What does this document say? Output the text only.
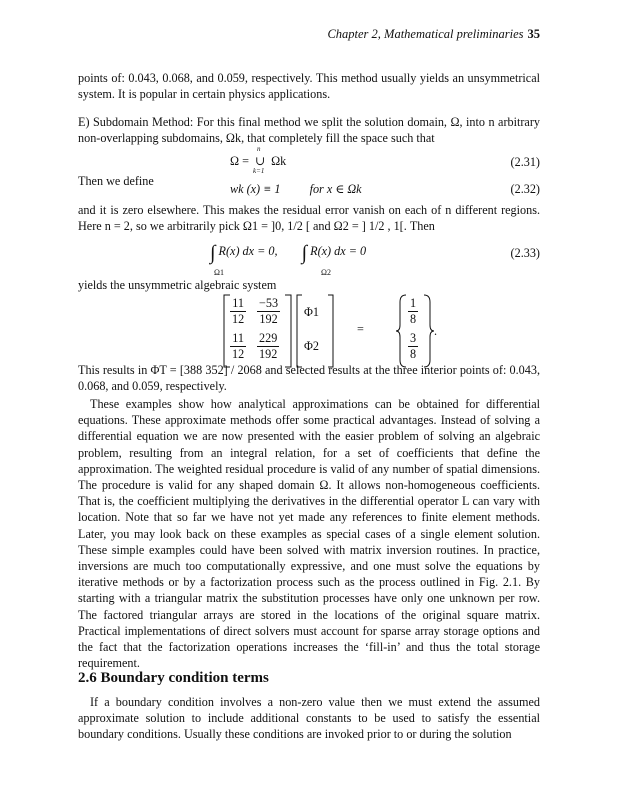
Chapter 2, Mathematical preliminaries 35

points of: 0.043, 0.068, and 0.059, respectively. This method usually yields an unsymmetrical system. It is popular in certain physics applications.

E) Subdomain Method: For this final method we split the solution domain, Ω, into n arbitrary non-overlapping subdomains, Ωk, that completely fill the space such that

Ω =
n
∪
k=1
Ωk	(2.31)
Then we define
wk (x) ≡ 1 for x ∈ Ωk	(2.32)

and it is zero elsewhere. This makes the residual error vanish on each of n different regions. Here n = 2, so we arbitrarily pick Ω1 = ]0, 1/2 [ and Ω2 = ] 1/2 , 1[. Then

∫ R(x) dx = 0, ∫ R(x) dx = 0
Ω1	Ω2
(2.33)
yields the unsymmetric algebraic system
$\frac{11}{12} \frac{-53}{192}$
$\frac{11}{12} \frac{229}{192}$
Φ1
Φ2
=
$\frac{1}{8}$
$\frac{3}{8}$ .

This results in ΦT = [388 352] / 2068 and selected results at the three interior points of: 0.043, 0.068, and 0.059, respectively.

These examples show how analytical approximations can be obtained for differential equations. These approximate methods offer some practical advantages. Instead of solving a differential equation we are now presented with the easier problem of solving an algebraic problem, resulting from an integral relation, for a set of coefficients that define the approximation. The weighted residual procedure is valid of any number of spatial dimensions. The procedure is valid for any shaped domain Ω. It allows non-homogeneous coefficients. That is, the coefficient multiplying the derivatives in the differential operator L can vary with location. Note that so far we have not yet made any references to finite element methods. Later, you may look back on these examples as special cases of a single element solution. These simple examples could have been solved with matrix inversion routines. In practice, inversions are much too computationally expressive, and one must solve the equations by iterative methods or by a factorization process such as the process outlined in Fig. 2.1. By starting with a triangular matrix the substitution processes have only one unknown per row. The factored triangular arrays are stored in the locations of the original square matrix. Practical implementations of direct solvers must account for sparse array storage options and the fact that the factorization operations increases the ‘fill-in’ and thus the total storage requirement.

2.6 Boundary condition terms

If a boundary condition involves a non-zero value then we must extend the assumed approximate solution to include additional constants to be used to satisfy the essential boundary conditions. Usually these conditions are invoked prior to or during the solution
